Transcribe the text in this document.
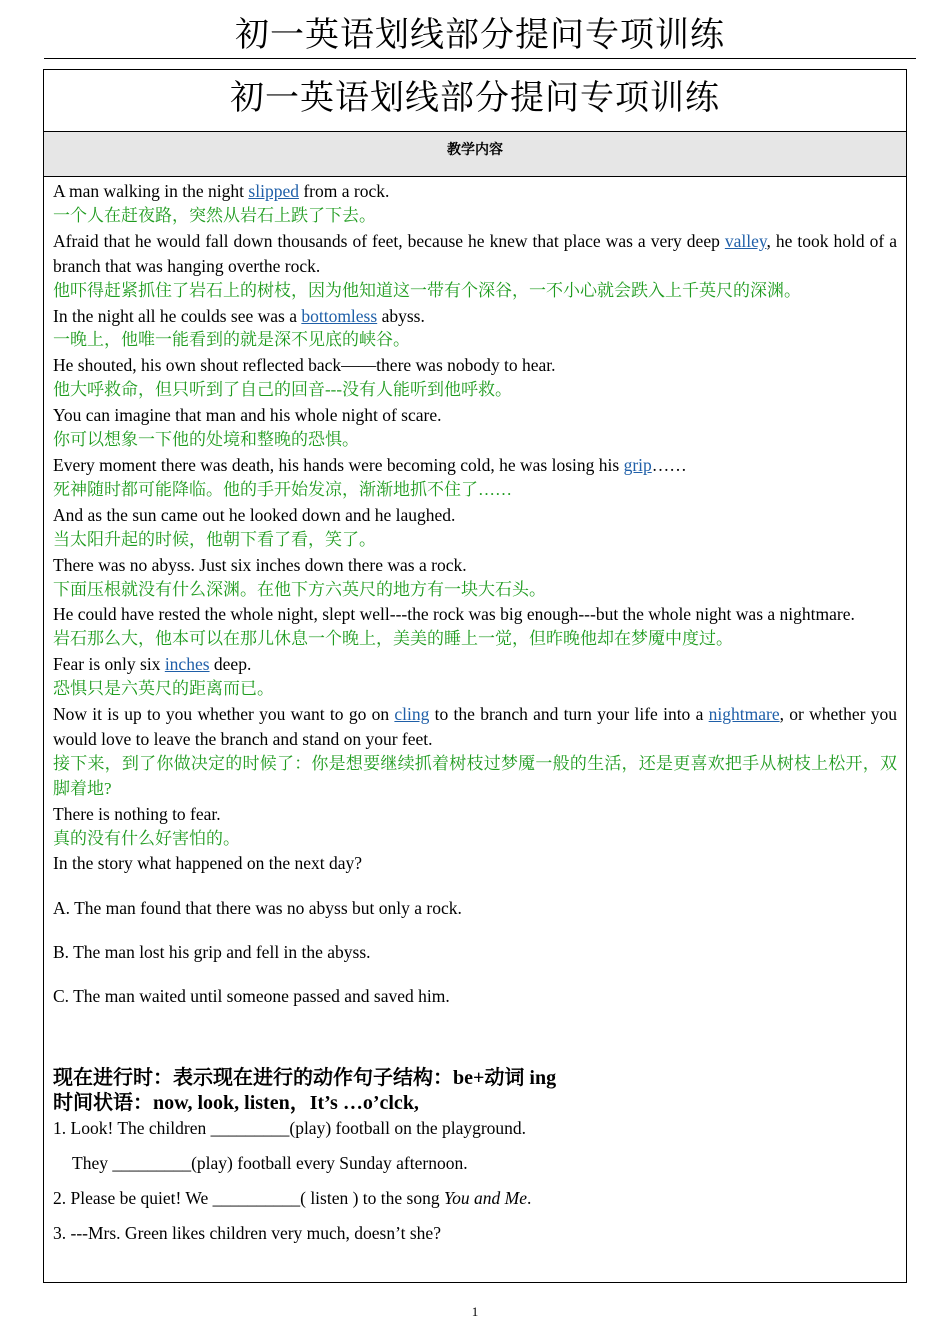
初一英语划线部分提问专项训练
初一英语划线部分提问专项训练
教学内容
A man walking in the night slipped from a rock.
一个人在赶夜路，突然从岩石上跌了下去。
Afraid that he would fall down thousands of feet, because he knew that place was a very deep valley, he took hold of a branch that was hanging overthe rock.
他吓得赶紧抓住了岩石上的树枝，因为他知道这一带有个深谷，一不小心就会跌入上千英尺的深渊。
In the night all he coulds see was a bottomless abyss.
一晚上，他唯一能看到的就是深不见底的峡谷。
He shouted, his own shout reflected back——there was nobody to hear.
他大呼救命，但只听到了自己的回音---没有人能听到他呼救。
You can imagine that man and his whole night of scare.
你可以想象一下他的处境和整晚的恐惧。
Every moment there was death, his hands were becoming cold, he was losing his grip……
死神随时都可能降临。他的手开始发凉，渐渐地抓不住了……
And as the sun came out he looked down and he laughed.
当太阳升起的时候，他朝下看了看，笑了。
There was no abyss. Just six inches down there was a rock.
下面压根就没有什么深渊。在他下方六英尺的地方有一块大石头。
He could have rested the whole night, slept well---the rock was big enough---but the whole night was a nightmare.
岩石那么大，他本可以在那儿休息一个晚上，美美的睡上一觉，但昨晚他却在梦魇中度过。
Fear is only six inches deep.
恐惧只是六英尺的距离而已。
Now it is up to you whether you want to go on cling to the branch and turn your life into a nightmare, or whether you would love to leave the branch and stand on your feet.
接下来，到了你做决定的时候了：你是想要继续抓着树枝过梦魇一般的生活，还是更喜欢把手从树枝上松开，双脚着地?
There is nothing to fear.
真的没有什么好害怕的。
In the story what happened on the next day?
A. The man found that there was no abyss but only a rock.
B. The man lost his grip and fell in the abyss.
C. The man waited until someone passed and saved him.
现在进行时：表示现在进行的动作句子结构：be+动词 ing
时间状语：now, look, listen，It’s …o’clck,
1. Look! The children _________(play) football on the playground.
They _________(play) football every Sunday afternoon.
2. Please be quiet! We __________( listen ) to the song You and Me.
3. ---Mrs. Green likes children very much, doesn’t she?
1
